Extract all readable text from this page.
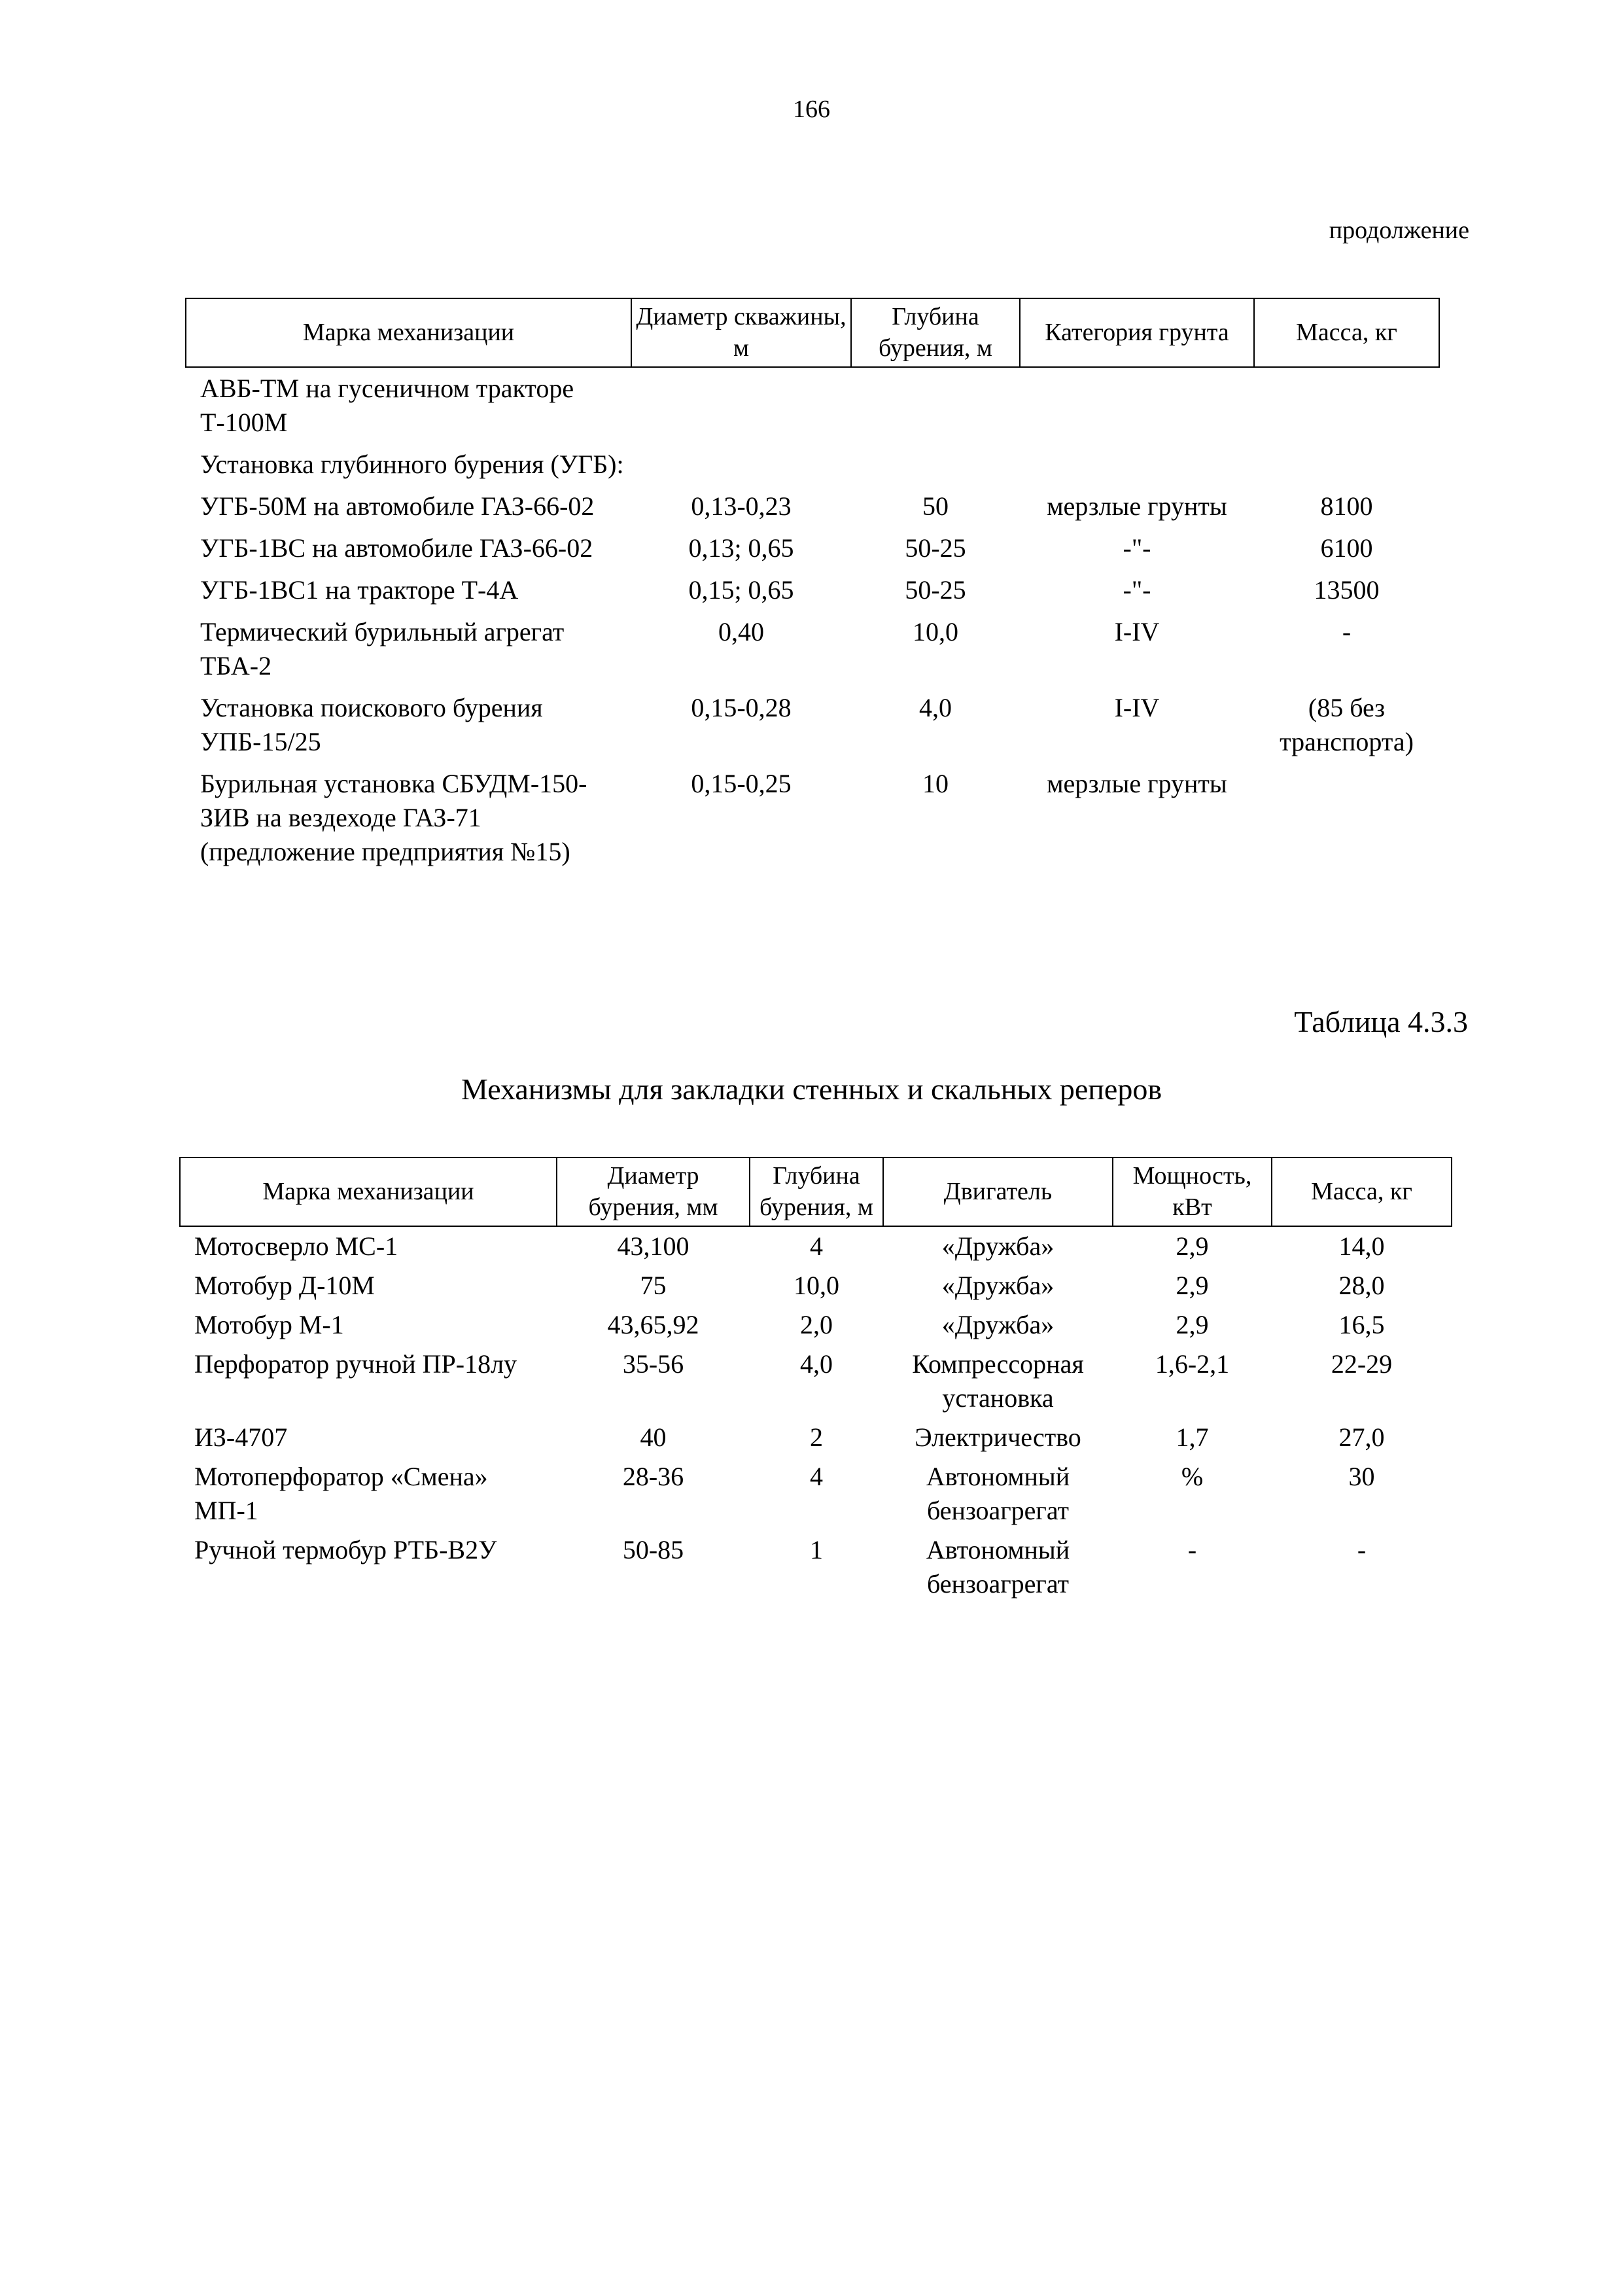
166
продолжение
Марка механизации	Диаметр скважины, м	Глубина бурения, м	Категория грунта	Масса, кг
АВБ-ТМ на гусеничном тракторе Т-100М				
Установка глубинного бурения (УГБ):				
УГБ-50М на автомобиле ГАЗ-66-02	0,13-0,23	50	мерзлые грунты	8100
УГБ-1ВС на автомобиле ГАЗ-66-02	0,13; 0,65	50-25	-"-	6100
УГБ-1ВС1 на тракторе Т-4А	0,15; 0,65	50-25	-"-	13500
Термический бурильный агрегат ТБА-2	0,40	10,0	I-IV	-
Установка поискового бурения УПБ-15/25	0,15-0,28	4,0	I-IV	(85 без транспорта)
Бурильная установка СБУДМ-150-ЗИВ на вездеходе ГАЗ-71 (предложение предприятия №15)	0,15-0,25	10	мерзлые грунты	
Таблица 4.3.3
Механизмы для закладки стенных и скальных реперов
Марка механизации	Диаметр бурения, мм	Глубина бурения, м	Двигатель	Мощность, кВт	Масса, кг
Мотосверло МС-1	43,100	4	«Дружба»	2,9	14,0
Мотобур Д-10М	75	10,0	«Дружба»	2,9	28,0
Мотобур М-1	43,65,92	2,0	«Дружба»	2,9	16,5
Перфоратор ручной ПР-18лу	35-56	4,0	Компрессорная установка	1,6-2,1	22-29
ИЗ-4707	40	2	Электричество	1,7	27,0
Мотоперфоратор «Смена» МП-1	28-36	4	Автономный бензоагрегат	%	30
Ручной термобур РТБ-В2У	50-85	1	Автономный бензоагрегат	-	-
